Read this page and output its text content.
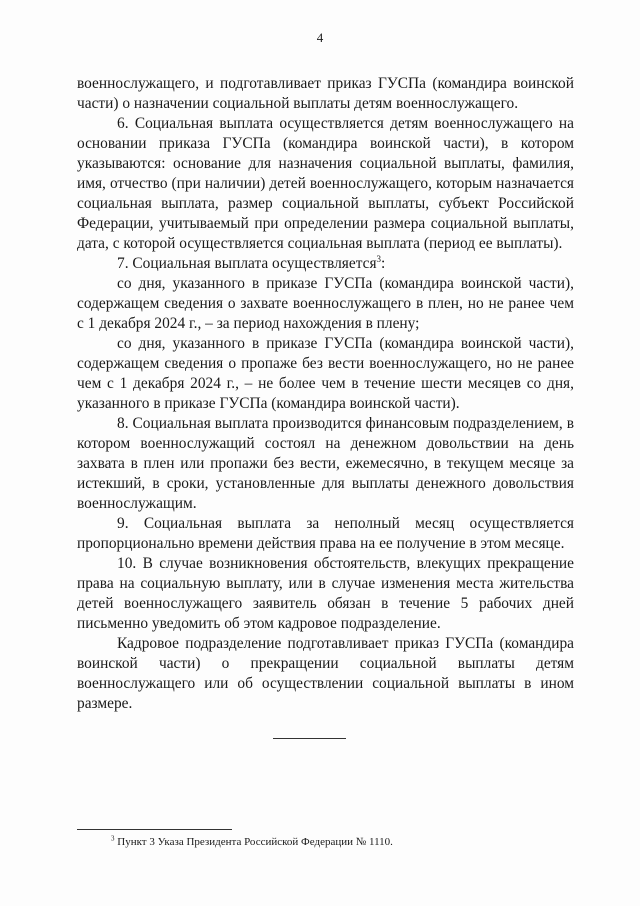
4

военнослужащего, и подготавливает приказ ГУСПа (командира воинской части) о назначении социальной выплаты детям военнослужащего.

6. Социальная выплата осуществляется детям военнослужащего на основании приказа ГУСПа (командира воинской части), в котором указываются: основание для назначения социальной выплаты, фамилия, имя, отчество (при наличии) детей военнослужащего, которым назначается социальная выплата, размер социальной выплаты, субъект Российской Федерации, учитываемый при определении размера социальной выплаты, дата, с которой осуществляется социальная выплата (период ее выплаты).

7. Социальная выплата осуществляется$^3$:

со дня, указанного в приказе ГУСПа (командира воинской части), содержащем сведения о захвате военнослужащего в плен, но не ранее чем с 1 декабря 2024 г., – за период нахождения в плену;

со дня, указанного в приказе ГУСПа (командира воинской части), содержащем сведения о пропаже без вести военнослужащего, но не ранее чем с 1 декабря 2024 г., – не более чем в течение шести месяцев со дня, указанного в приказе ГУСПа (командира воинской части).

8. Социальная выплата производится финансовым подразделением, в котором военнослужащий состоял на денежном довольствии на день захвата в плен или пропажи без вести, ежемесячно, в текущем месяце за истекший, в сроки, установленные для выплаты денежного довольствия военнослужащим.

9. Социальная выплата за неполный месяц осуществляется пропорционально времени действия права на ее получение в этом месяце.

10. В случае возникновения обстоятельств, влекущих прекращение права на социальную выплату, или в случае изменения места жительства детей военнослужащего заявитель обязан в течение 5 рабочих дней письменно уведомить об этом кадровое подразделение.

Кадровое подразделение подготавливает приказ ГУСПа (командира воинской части) о прекращении социальной выплаты детям военнослужащего или об осуществлении социальной выплаты в ином размере.

$^3$ Пункт 3 Указа Президента Российской Федерации № 1110.
